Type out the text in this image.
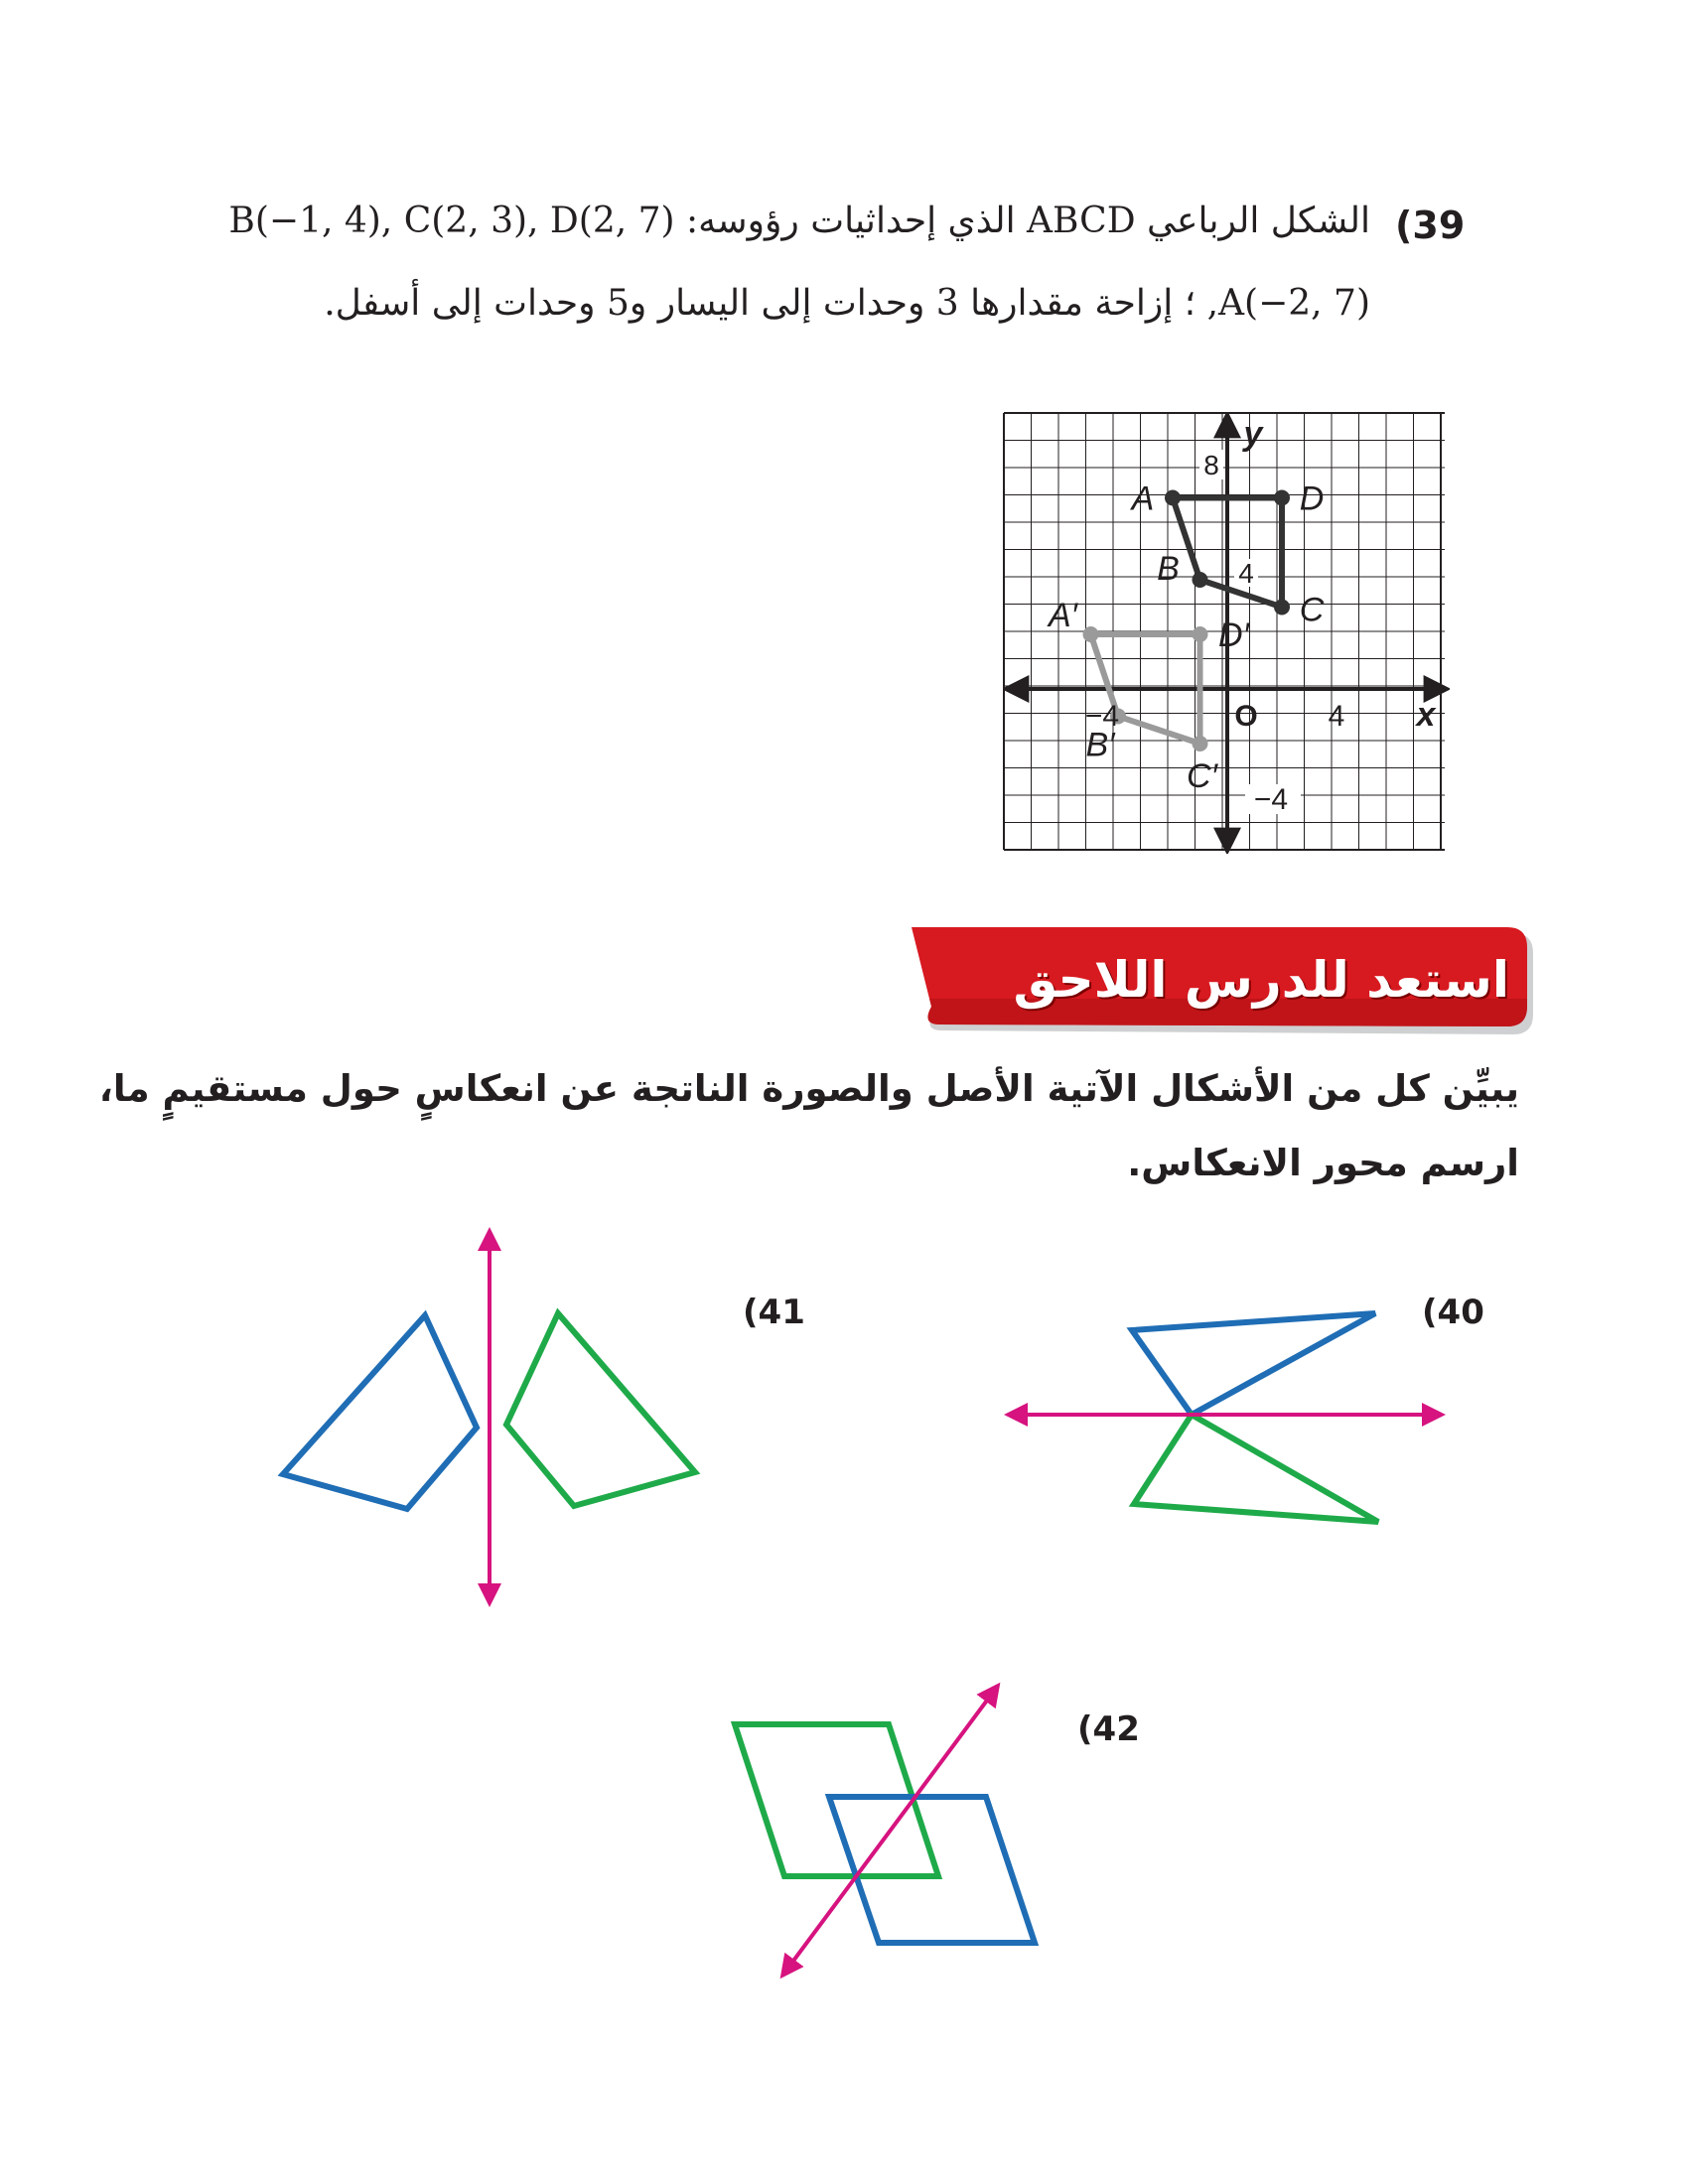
39)
الشكل الرباعي ABCD الذي إحداثيات رؤوسه: B(−1, 4), C(2, 3), D(2, 7)
A(−2, 7), ؛ إزاحة مقدارها 3 وحدات إلى اليسار و5 وحدات إلى أسفل.
A′
D′
C′
B′
A	D
C
B
8
y
4
O 4 x
−4
−4
استعد للدرس اللاحق
يبيِّن كل من الأشكال الآتية الأصل والصورة الناتجة عن انعكاسٍ حول مستقيمٍ ما،
ارسم محور الانعكاس.
(40
(41
(42
